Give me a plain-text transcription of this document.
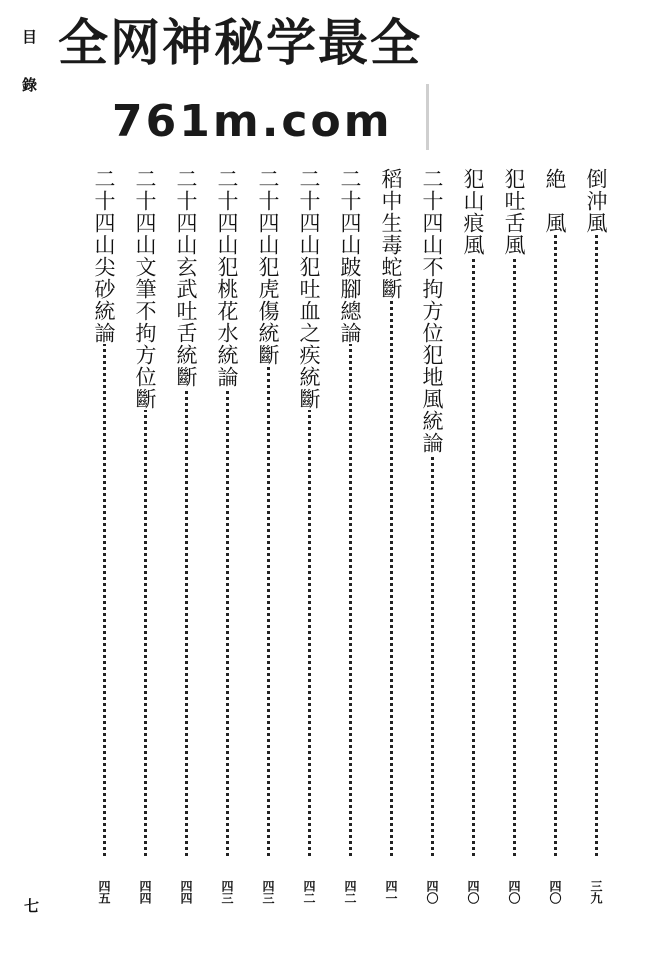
目
錄
全网神秘学最全
761m.com
倒沖風
絶　風
犯吐舌風
犯山痕風
二十四山不拘方位犯地風統論
稻中生毒蛇斷
二十四山跛腳總論
二十四山犯吐血之疾統斷
二十四山犯虎傷統斷
二十四山犯桃花水統論
二十四山玄武吐舌統斷
二十四山文筆不拘方位斷
二十四山尖砂統論
三九
四〇
四〇
四〇
四〇
四一
四二
四二
四三
四三
四四
四四
四五
七
